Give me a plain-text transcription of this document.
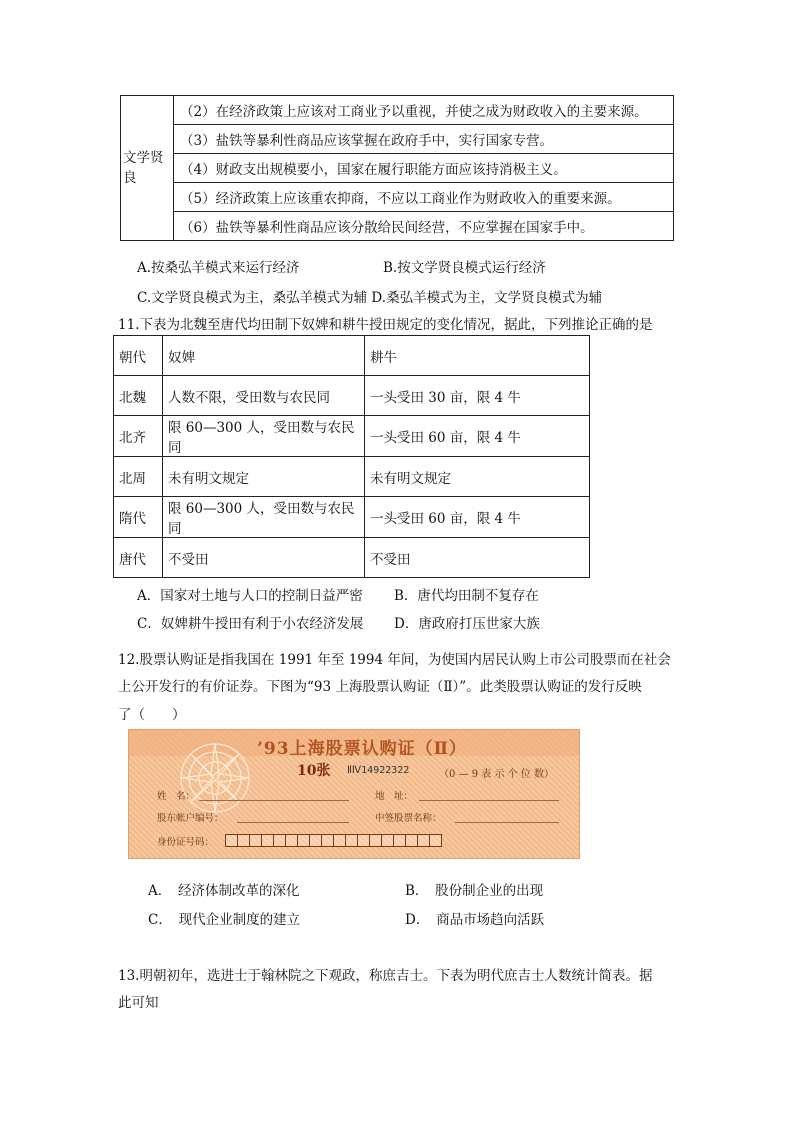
文学贤良	（2）在经济政策上应该对工商业予以重视，并使之成为财政收入的主要来源。
（3）盐铁等暴利性商品应该掌握在政府手中，实行国家专营。
（4）财政支出规模要小，国家在履行职能方面应该持消极主义。
（5）经济政策上应该重农抑商，不应以工商业作为财政收入的重要来源。
（6）盐铁等暴利性商品应该分散给民间经营，不应掌握在国家手中。
A.按桑弘羊模式来运行经济	B.按文学贤良模式运行经济
C.文学贤良模式为主，桑弘羊模式为辅 D.桑弘羊模式为主，文学贤良模式为辅
11.下表为北魏至唐代均田制下奴婢和耕牛授田规定的变化情况，据此，下列推论正确的是
朝代	奴婢	耕牛
北魏	人数不限，受田数与农民同	一头受田 30 亩，限 4 牛
北齐	限 60—300 人，受田数与农民同	一头受田 60 亩，限 4 牛
北周	未有明文规定	未有明文规定
隋代	限 60—300 人，受田数与农民同	一头受田 60 亩，限 4 牛
唐代	不受田	不受田
A．国家对土地与人口的控制日益严密 B．唐代均田制不复存在
C．奴婢耕牛授田有利于小农经济发展 D．唐政府打压世家大族
12.股票认购证是指我国在 1991 年至 1994 年间，为使国内居民认购上市公司股票而在社会
上公开发行的有价证券。下图为“93 上海股票认购证（Ⅱ）”。此类股票认购证的发行反映
了（　　）
’93上海股票认购证（Ⅱ）
10张 ⅡⅣ14922322	（0 — 9 表 示 个 位 数）
姓　名：	地　址：
股东帐户编号：	中签股票名称：
身份证号码：
A．　经济体制改革的深化	B．　股份制企业的出现
C．　现代企业制度的建立	D．　商品市场趋向活跃
13.明朝初年，选进士于翰林院之下观政，称庶吉士。下表为明代庶吉士人数统计简表。据
此可知
